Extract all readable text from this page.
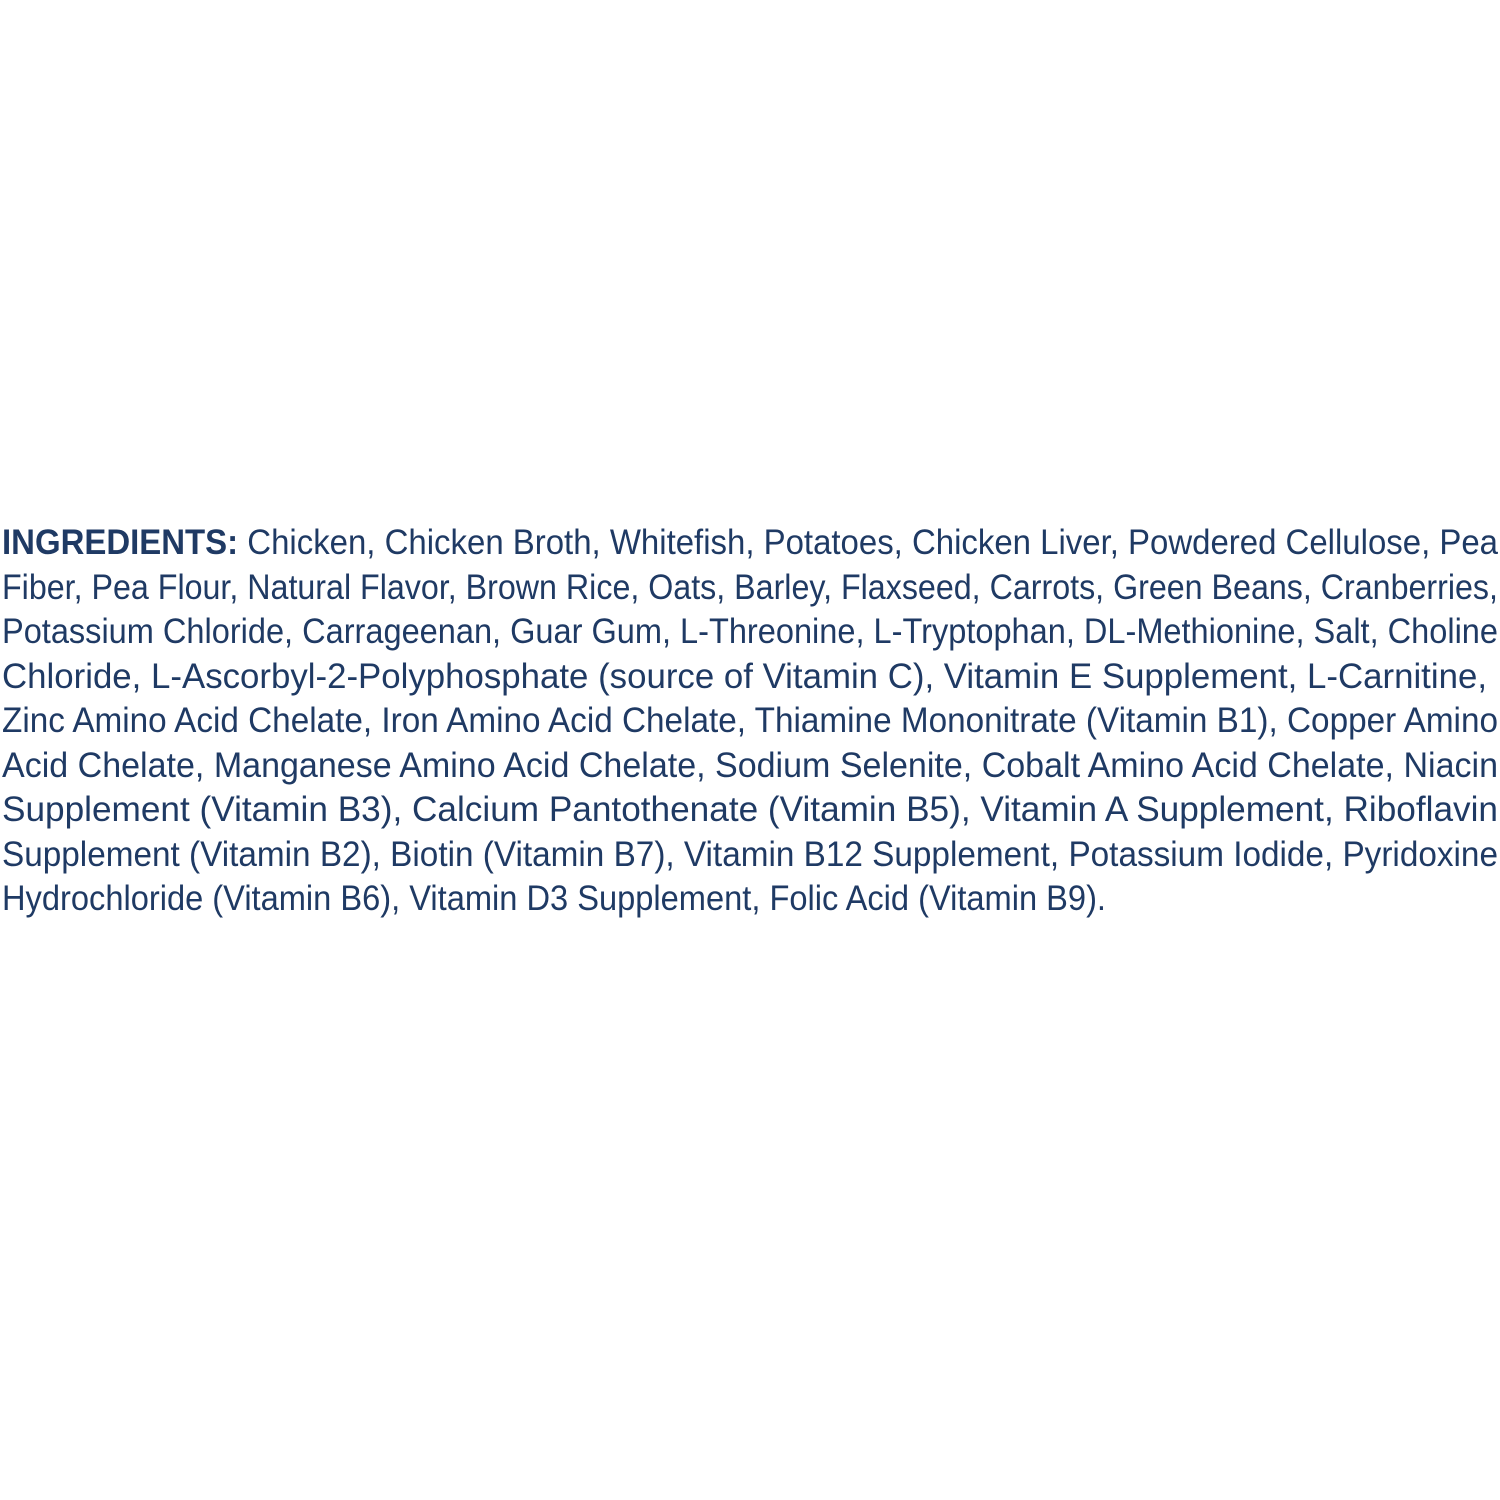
INGREDIENTS: Chicken, Chicken Broth, Whitefish, Potatoes, Chicken Liver, Powdered Cellulose, Pea

Fiber, Pea Flour, Natural Flavor, Brown Rice, Oats, Barley, Flaxseed, Carrots, Green Beans, Cranberries,

Potassium Chloride, Carrageenan, Guar Gum, L-Threonine, L-Tryptophan, DL-Methionine, Salt, Choline

Chloride, L-Ascorbyl-2-Polyphosphate (source of Vitamin C), Vitamin E Supplement, L-Carnitine,

Zinc Amino Acid Chelate, Iron Amino Acid Chelate, Thiamine Mononitrate (Vitamin B1), Copper Amino

Acid Chelate, Manganese Amino Acid Chelate, Sodium Selenite, Cobalt Amino Acid Chelate, Niacin

Supplement (Vitamin B3), Calcium Pantothenate (Vitamin B5), Vitamin A Supplement, Riboflavin

Supplement (Vitamin B2), Biotin (Vitamin B7), Vitamin B12 Supplement, Potassium Iodide, Pyridoxine

Hydrochloride (Vitamin B6), Vitamin D3 Supplement, Folic Acid (Vitamin B9).
